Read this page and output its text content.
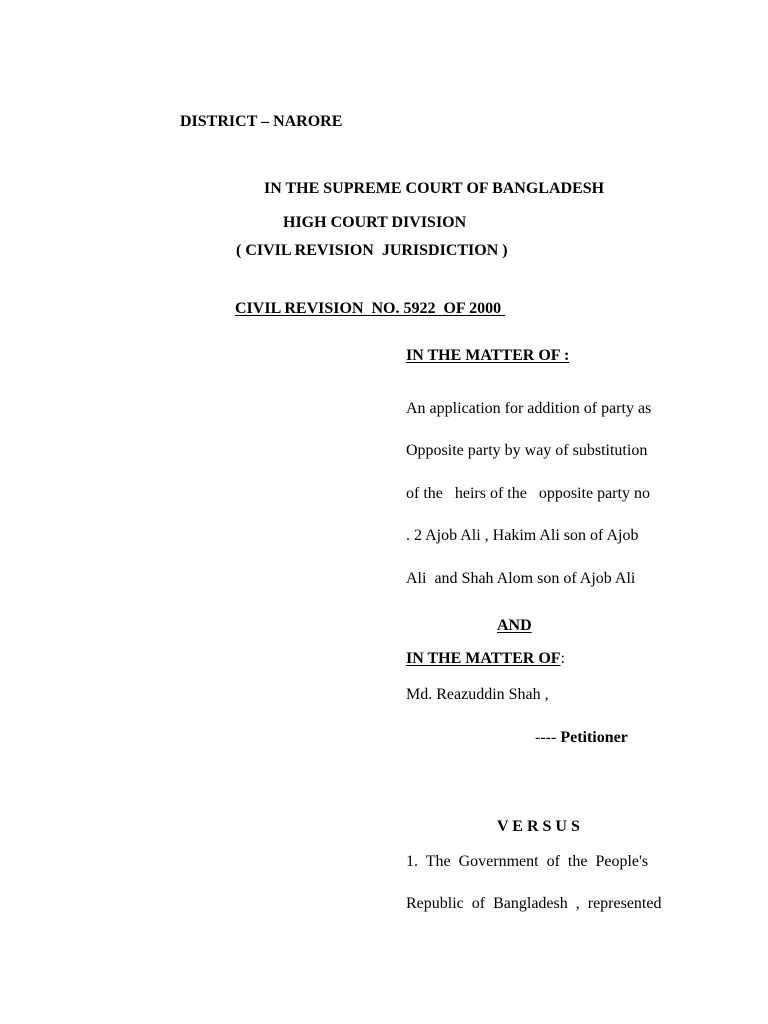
DISTRICT – NARORE
IN THE SUPREME COURT OF BANGLADESH
HIGH COURT DIVISION
( CIVIL REVISION  JURISDICTION )
CIVIL REVISION  NO. 5922  OF 2000
IN THE MATTER OF :
An application for addition of party as
Opposite party by way of substitution
of the   heirs of the   opposite party no
. 2 Ajob Ali , Hakim Ali son of Ajob
Ali  and Shah Alom son of Ajob Ali
AND
IN THE MATTER OF:
Md. Reazuddin Shah ,
---- Petitioner
V E R S U S
1.  The  Government  of  the  People's
Republic  of  Bangladesh  ,  represented
